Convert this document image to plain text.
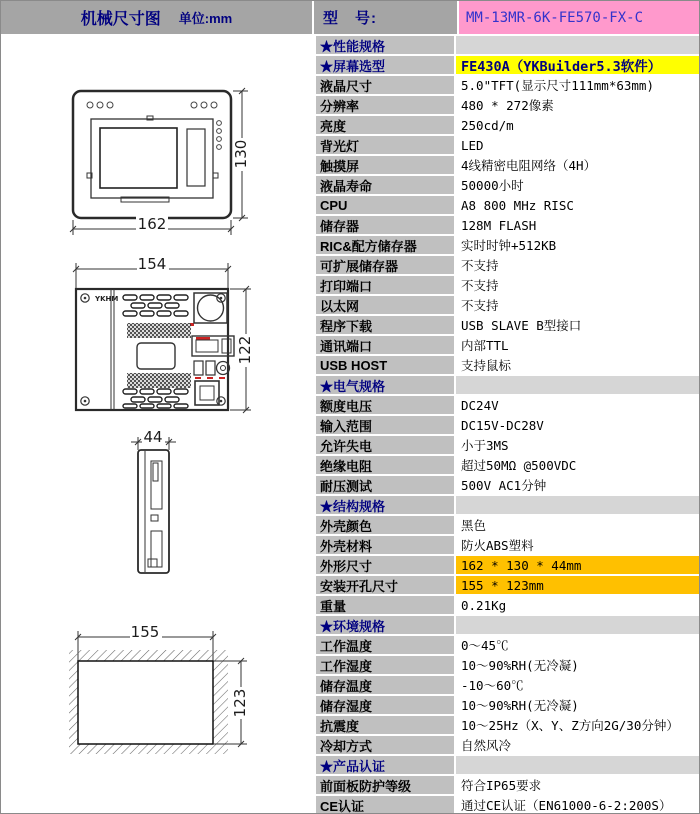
机械尺寸图 单位:mm	型　号:	MM-13MR-6K-FE570-FX-C
162
130
154
YKHM
122
44
155
123
★性能规格
★屏幕选型	FE430A（YKBuilder5.3软件）
液晶尺寸	5.0"TFT(显示尺寸111mm*63mm)
分辨率	480 * 272像素
亮度	250cd/m
背光灯	LED
触摸屏	4线精密电阻网络（4H）
液晶寿命	50000小时
CPU	A8 800 MHz RISC
储存器	128M FLASH
RIC&配方储存器	实时时钟+512KB
可扩展储存器	不支持
打印端口	不支持
以太网	不支持
程序下载	USB SLAVE B型接口
通讯端口	内部TTL
USB HOST	支持鼠标
★电气规格
额度电压	DC24V
输入范围	DC15V-DC28V
允许失电	小于3MS
绝缘电阻	超过50MΩ @500VDC
耐压测试	500V AC1分钟
★结构规格
外壳颜色	黑色
外壳材料	防火ABS塑料
外形尺寸	162 * 130 * 44mm
安装开孔尺寸	155 * 123mm
重量	0.21Kg
★环境规格
工作温度	0～45℃
工作湿度	10～90%RH(无冷凝)
储存温度	-10～60℃
储存湿度	10～90%RH(无冷凝)
抗震度	10～25Hz（X、Y、Z方向2G/30分钟）
冷却方式	自然风冷
★产品认证
前面板防护等级	符合IP65要求
CE认证	通过CE认证（EN61000-6-2:200S）
